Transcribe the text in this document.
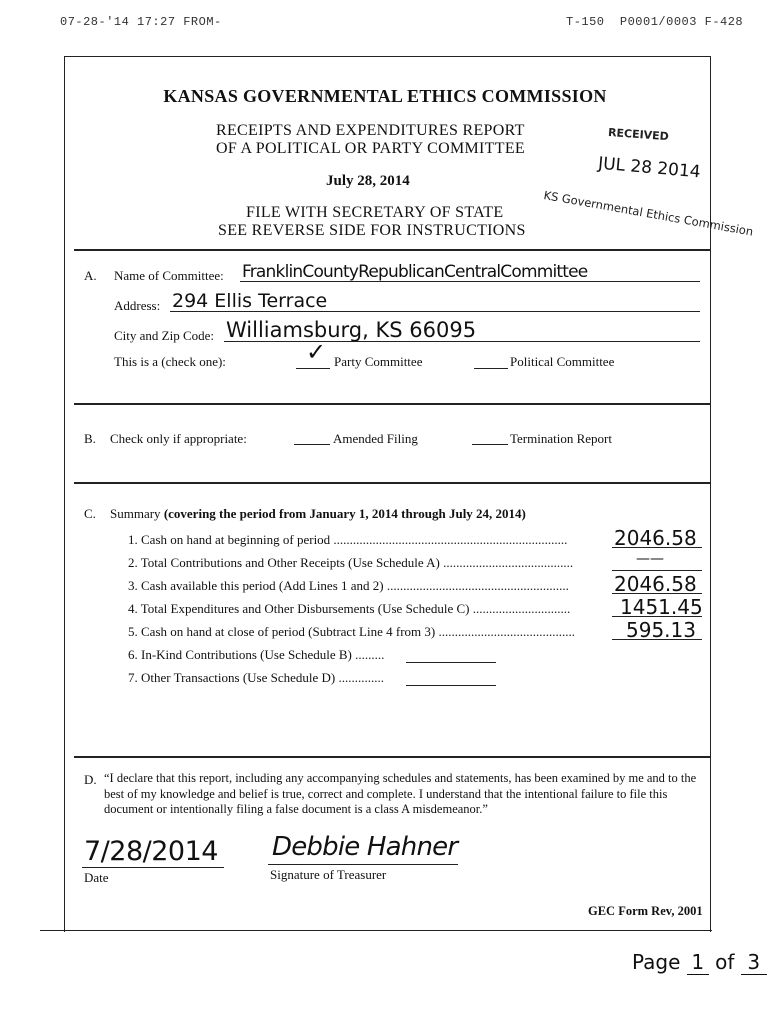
07-28-'14 17:27 FROM-	T-150  P0001/0003 F-428
KANSAS GOVERNMENTAL ETHICS COMMISSION
RECEIPTS AND EXPENDITURES REPORT
OF A POLITICAL OR PARTY COMMITTEE
July 28, 2014
FILE WITH SECRETARY OF STATE
SEE REVERSE SIDE FOR INSTRUCTIONS
RECEIVED
JUL 28 2014
KS Governmental Ethics Commission
A. Name of Committee: FranklinCountyRepublicanCentralCommittee
Address: 294 Ellis Terrace
City and Zip Code: Williamsburg, KS 66095
This is a (check one):	✓ Party Committee	Political Committee
B. Check only if appropriate:	Amended Filing	Termination Report
C. Summary (covering the period from January 1, 2014 through July 24, 2014)
1. Cash on hand at beginning of period ........................................................................	2046.58
2. Total Contributions and Other Receipts (Use Schedule A) ........................................	——
3. Cash available this period (Add Lines 1 and 2) ........................................................	2046.58
4. Total Expenditures and Other Disbursements (Use Schedule C) ..............................	1451.45
5. Cash on hand at close of period (Subtract Line 4 from 3) ..........................................	595.13
6. In-Kind Contributions (Use Schedule B) .........
7. Other Transactions (Use Schedule D) ..............
D. “I declare that this report, including any accompanying schedules and statements, has been examined by me and to the best of my knowledge and belief is true, correct and complete. I understand that the intentional failure to file this document or intentionally filing a false document is a class A misdemeanor.”
7/28/2014
Date
Debbie Hahner
Signature of Treasurer
GEC Form Rev, 2001
Page 1 of 3
